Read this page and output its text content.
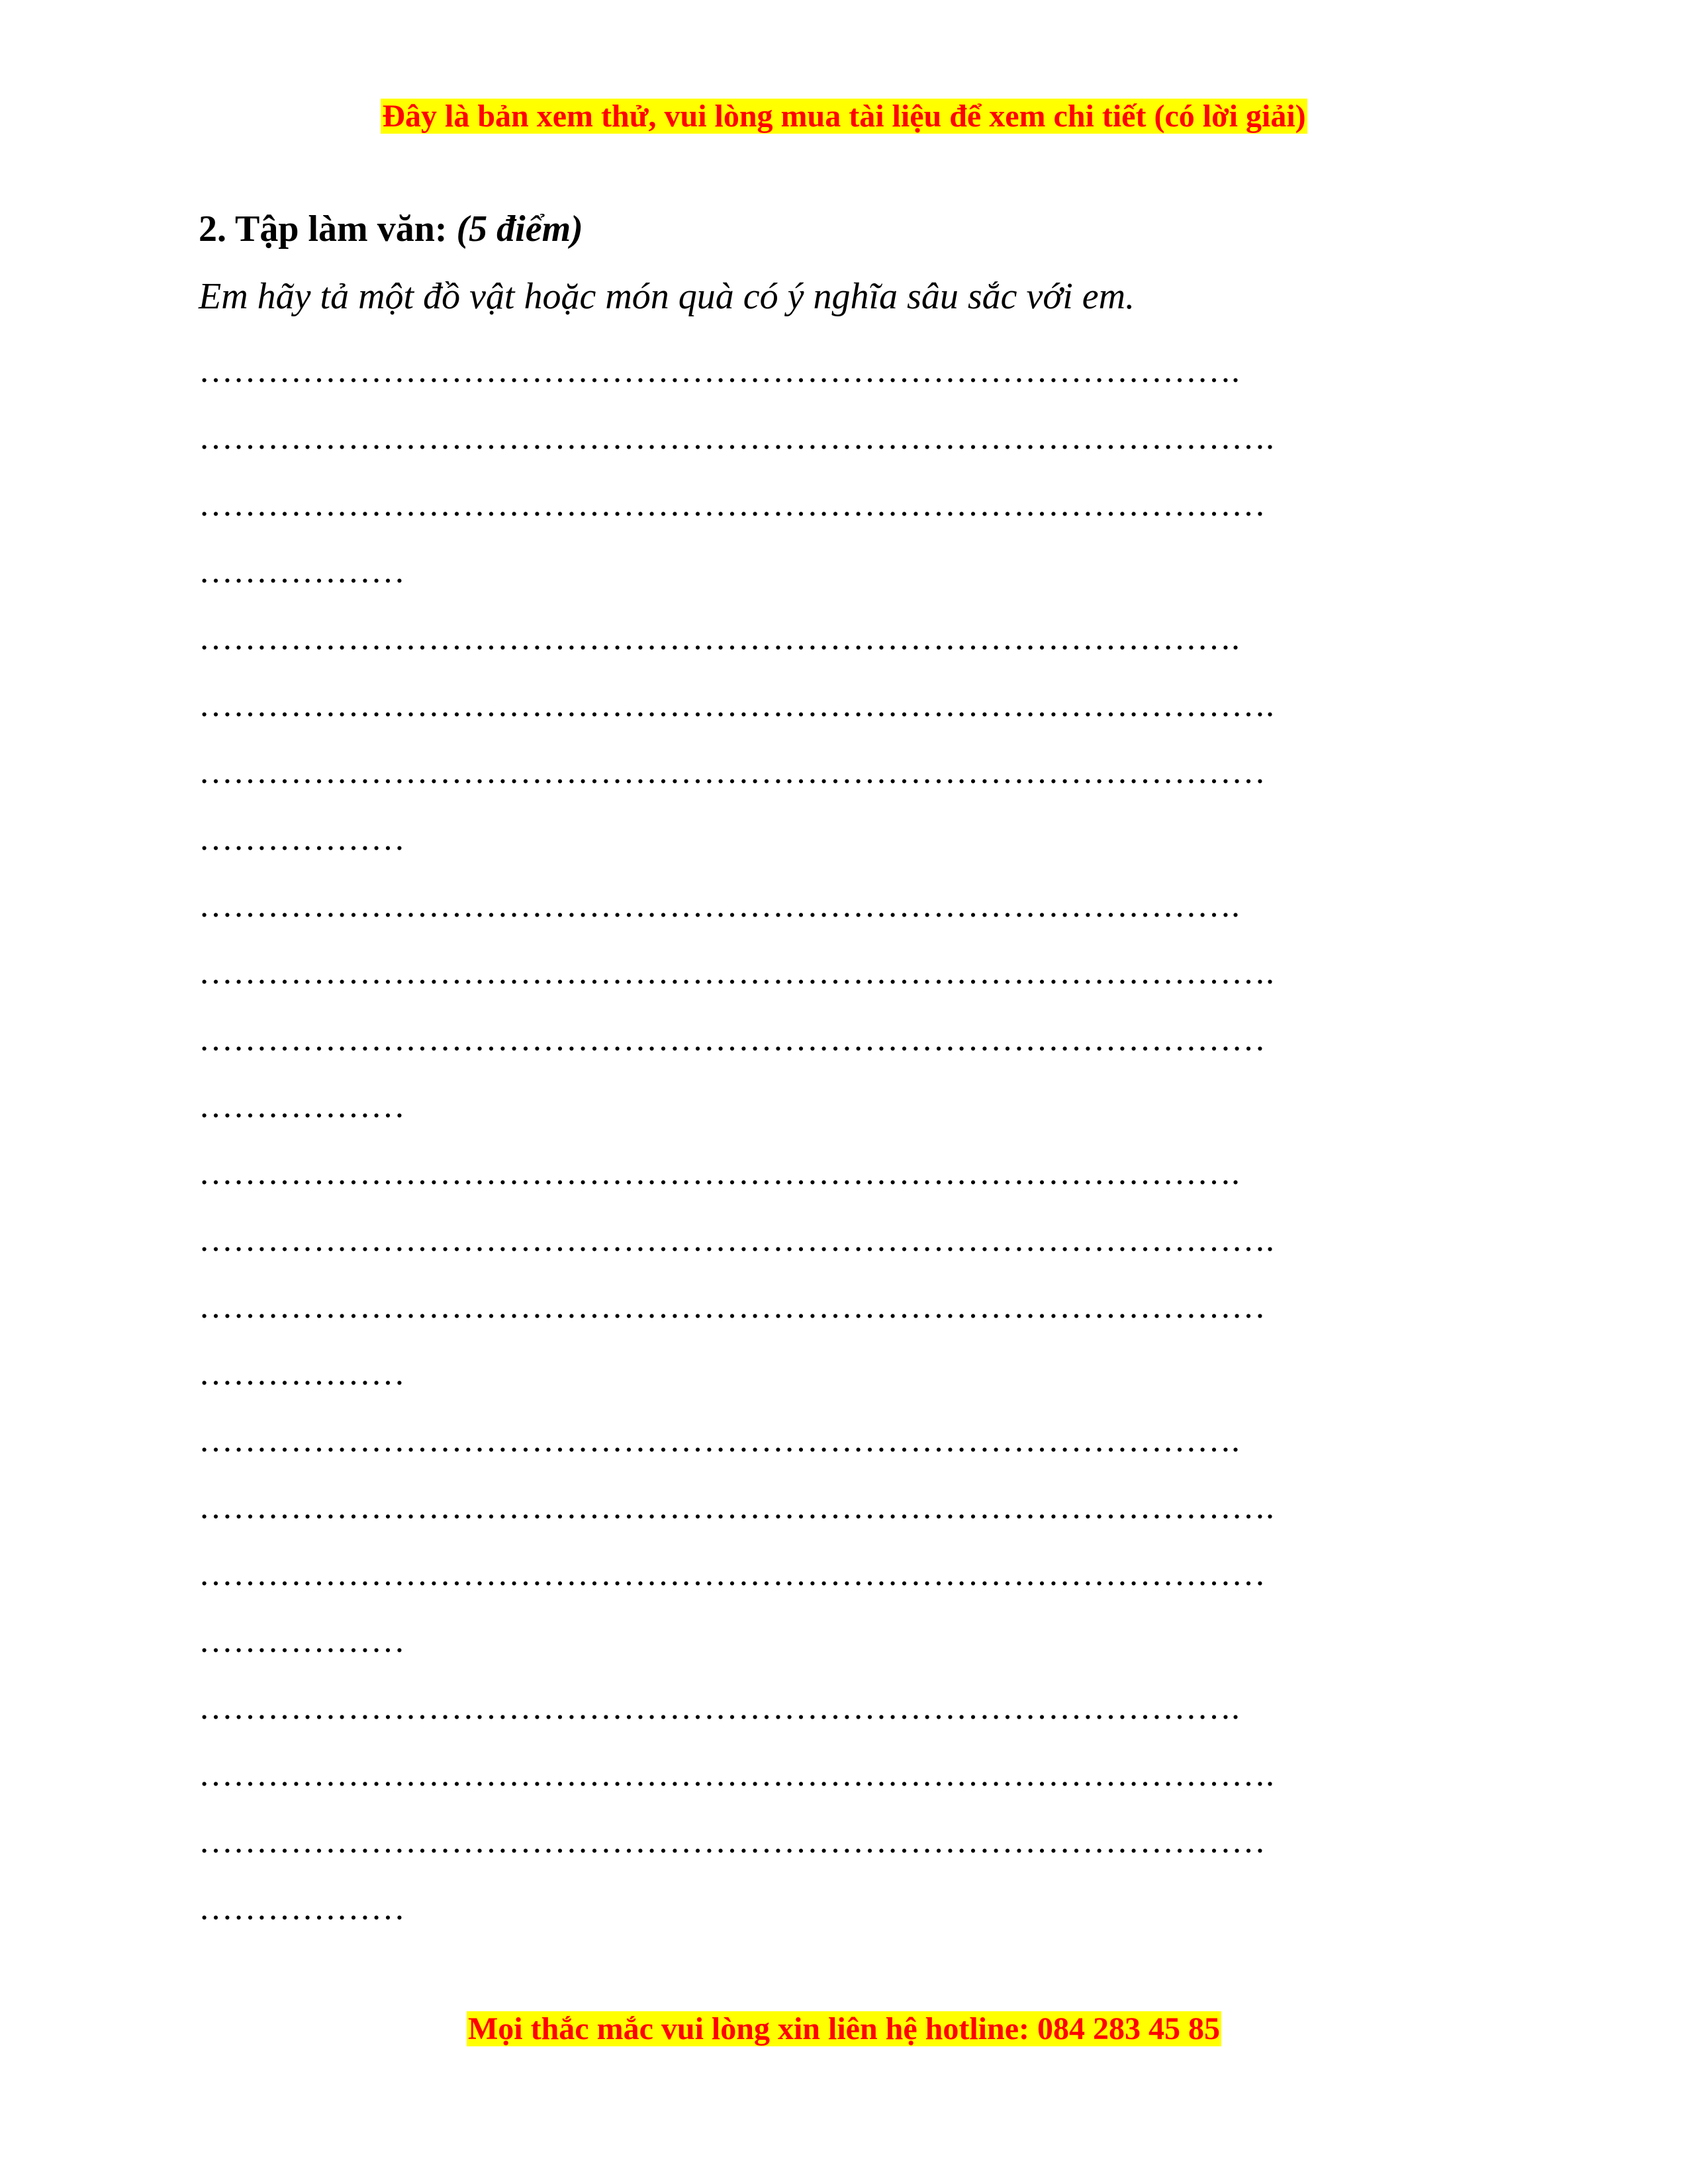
Đây là bản xem thử, vui lòng mua tài liệu để xem chi tiết (có lời giải)

2. Tập làm văn: (5 điểm)

Em hãy tả một đồ vật hoặc món quà có ý nghĩa sâu sắc với em.

……………………………………………………………………………….
………………………………………………………………………………….
…………………………………………………………………………………
………………
……………………………………………………………………………….
………………………………………………………………………………….
…………………………………………………………………………………
………………
……………………………………………………………………………….
………………………………………………………………………………….
…………………………………………………………………………………
………………
……………………………………………………………………………….
………………………………………………………………………………….
…………………………………………………………………………………
………………
……………………………………………………………………………….
………………………………………………………………………………….
…………………………………………………………………………………
………………
……………………………………………………………………………….
………………………………………………………………………………….
…………………………………………………………………………………
………………
Mọi thắc mắc vui lòng xin liên hệ hotline: 084 283 45 85
